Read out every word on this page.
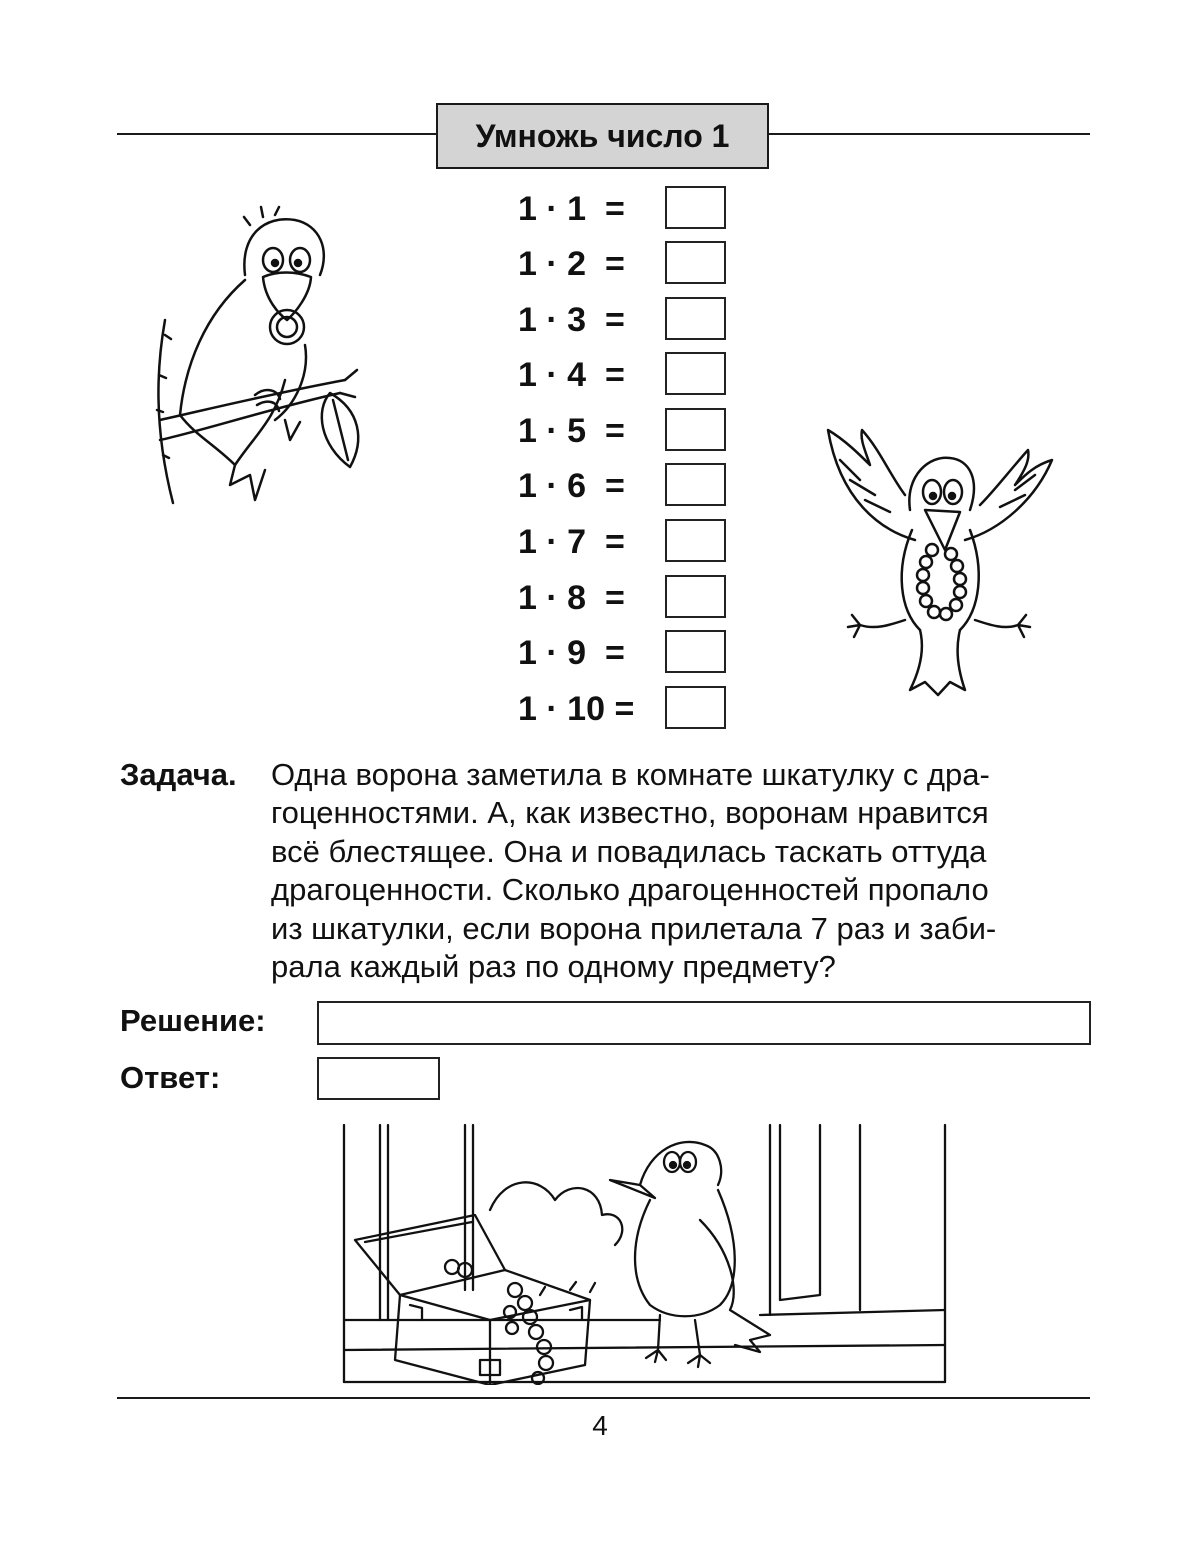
Умножь число 1
1 · 1 =
1 · 2 =
1 · 3 =
1 · 4 =
1 · 5 =
1 · 6 =
1 · 7 =
1 · 8 =
1 · 9 =
1 · 10 =
Задача. Одна ворона заметила в комнате шкатулку с дра-
гоценностями. А, как известно, воронам нравится
всё блестящее. Она и повадилась таскать оттуда
драгоценности. Сколько драгоценностей пропало
из шкатулки, если ворона прилетала 7 раз и заби-
рала каждый раз по одному предмету?
Решение:
Ответ:
4
